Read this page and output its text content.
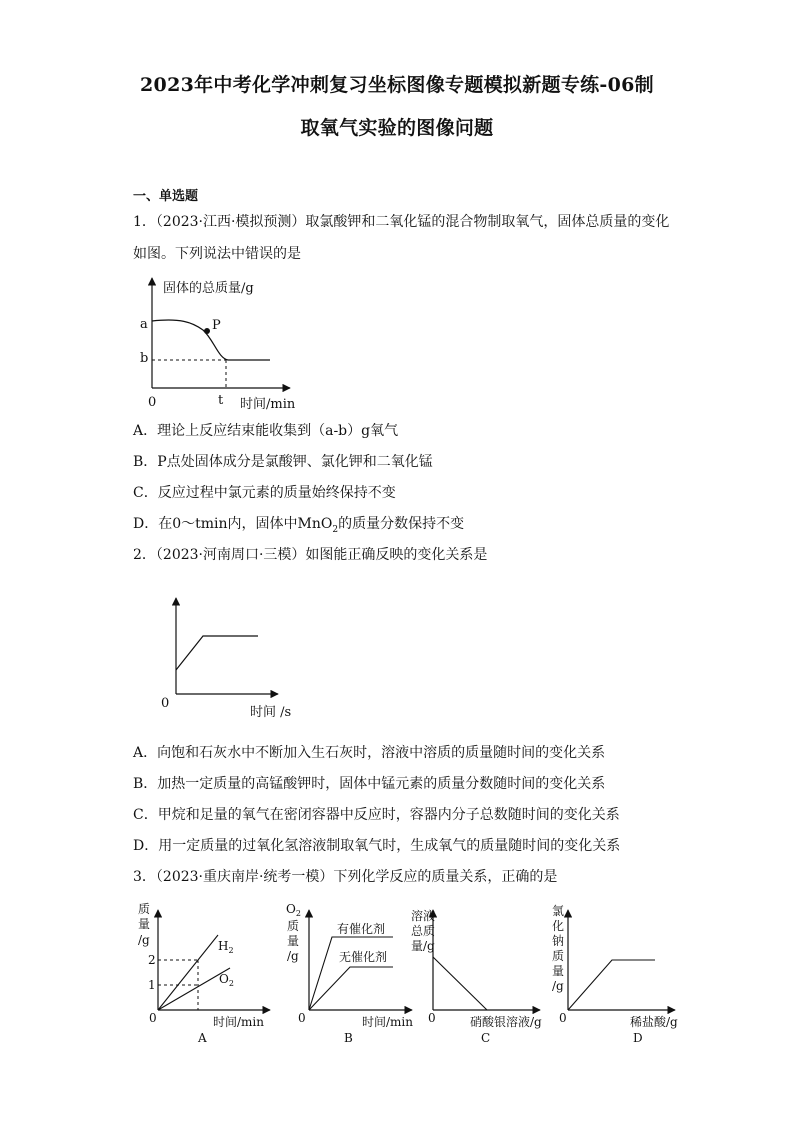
2023年中考化学冲刺复习坐标图像专题模拟新题专练-06制
取氧气实验的图像问题
一、单选题
1．（2023·江西·模拟预测）取氯酸钾和二氧化锰的混合物制取氧气，固体总质量的变化
如图。下列说法中错误的是
固体的总质量/g
a
b
P
0	t 时间/min
0
时间 /s
质
量
/g
2
1
$H_2$
$O_2$
0	时间/min
A
$O_2$
质
量
/g
有催化剂
无催化剂
0	时间/min
B
溶液
总质
量/g
0	硝酸银溶液/g
C
氯
化
钠
质
量
/g
0	稀盐酸/g
D
A．理论上反应结束能收集到（a-b）g氧气
B．P点处固体成分是氯酸钾、氯化钾和二氧化锰
C．反应过程中氯元素的质量始终保持不变
D．在0～tmin内，固体中MnO$_2$的质量分数保持不变
2．（2023·河南周口·三模）如图能正确反映的变化关系是
A．向饱和石灰水中不断加入生石灰时，溶液中溶质的质量随时间的变化关系
B．加热一定质量的高锰酸钾时，固体中锰元素的质量分数随时间的变化关系
C．甲烷和足量的氧气在密闭容器中反应时，容器内分子总数随时间的变化关系
D．用一定质量的过氧化氢溶液制取氧气时，生成氧气的质量随时间的变化关系
3．（2023·重庆南岸·统考一模）下列化学反应的质量关系，正确的是
